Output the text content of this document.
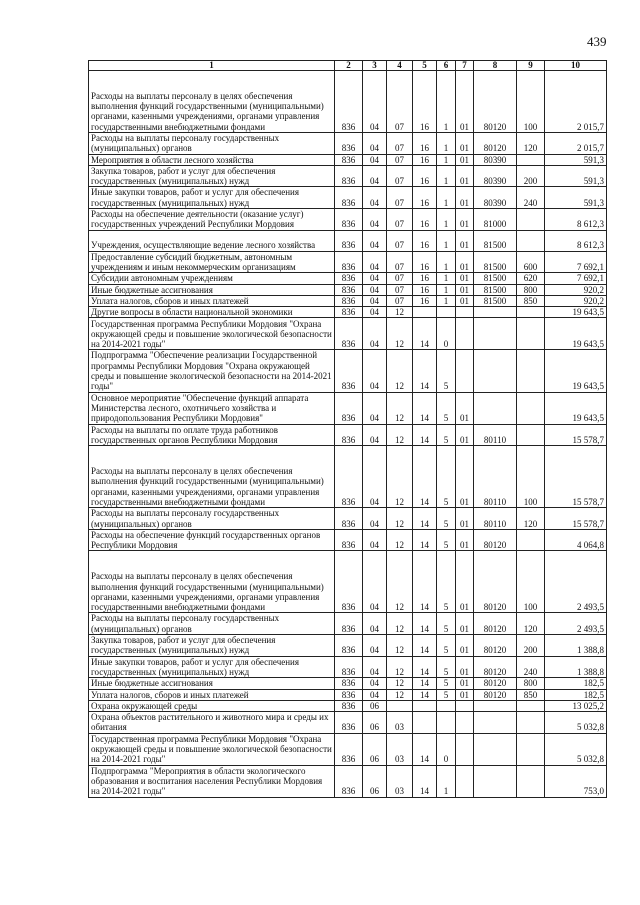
439
1	2	3	4	5	6	7	8	9	10
Расходы на выплаты персоналу в целях обеспечения выполнения функций государственными (муниципальными) органами, казенными учреждениями, органами управления государственными внебюджетными фондами	836	04	07	16	1	01	80120	100	2 015,7
Расходы на выплаты персоналу государственных (муниципальных) органов	836	04	07	16	1	01	80120	120	2 015,7
Мероприятия в области лесного хозяйства	836	04	07	16	1	01	80390		591,3
Закупка товаров, работ и услуг для обеспечения государственных (муниципальных) нужд	836	04	07	16	1	01	80390	200	591,3
Иные закупки товаров, работ и услуг для обеспечения государственных (муниципальных) нужд	836	04	07	16	1	01	80390	240	591,3
Расходы на обеспечение деятельности (оказание услуг) государственных учреждений Республики Мордовия	836	04	07	16	1	01	81000		8 612,3
Учреждения, осуществляющие ведение лесного хозяйства	836	04	07	16	1	01	81500		8 612,3
Предоставление субсидий бюджетным, автономным учреждениям и иным некоммерческим организациям	836	04	07	16	1	01	81500	600	7 692,1
Субсидии автономным учреждениям	836	04	07	16	1	01	81500	620	7 692,1
Иные бюджетные ассигнования	836	04	07	16	1	01	81500	800	920,2
Уплата налогов, сборов и иных платежей	836	04	07	16	1	01	81500	850	920,2
Другие вопросы в области национальной экономики	836	04	12						19 643,5
Государственная программа Республики Мордовия "Охрана окружающей среды и повышение экологической безопасности на 2014-2021 годы"	836	04	12	14	0				19 643,5
Подпрограмма "Обеспечение реализации Государственной программы Республики Мордовия "Охрана окружающей среды и повышение экологической безопасности на 2014-2021 годы"	836	04	12	14	5				19 643,5
Основное мероприятие "Обеспечение функций аппарата Министерства лесного, охотничьего хозяйства и природопользования Республики Мордовия"	836	04	12	14	5	01			19 643,5
Расходы на выплаты по оплате труда работников государственных органов Республики Мордовия	836	04	12	14	5	01	80110		15 578,7
Расходы на выплаты персоналу в целях обеспечения выполнения функций государственными (муниципальными) органами, казенными учреждениями, органами управления государственными внебюджетными фондами	836	04	12	14	5	01	80110	100	15 578,7
Расходы на выплаты персоналу государственных (муниципальных) органов	836	04	12	14	5	01	80110	120	15 578,7
Расходы на обеспечение функций государственных органов Республики Мордовия	836	04	12	14	5	01	80120		4 064,8
Расходы на выплаты персоналу в целях обеспечения выполнения функций государственными (муниципальными) органами, казенными учреждениями, органами управления государственными внебюджетными фондами	836	04	12	14	5	01	80120	100	2 493,5
Расходы на выплаты персоналу государственных (муниципальных) органов	836	04	12	14	5	01	80120	120	2 493,5
Закупка товаров, работ и услуг для обеспечения государственных (муниципальных) нужд	836	04	12	14	5	01	80120	200	1 388,8
Иные закупки товаров, работ и услуг для обеспечения государственных (муниципальных) нужд	836	04	12	14	5	01	80120	240	1 388,8
Иные бюджетные ассигнования	836	04	12	14	5	01	80120	800	182,5
Уплата налогов, сборов и иных платежей	836	04	12	14	5	01	80120	850	182,5
Охрана окружающей среды	836	06							13 025,2
Охрана объектов растительного и животного мира и среды их обитания	836	06	03						5 032,8
Государственная программа Республики Мордовия "Охрана окружающей среды и повышение экологической безопасности на 2014-2021 годы"	836	06	03	14	0				5 032,8
Подпрограмма "Мероприятия в области экологического образования и воспитания населения Республики Мордовия на 2014-2021 годы"	836	06	03	14	1				753,0
